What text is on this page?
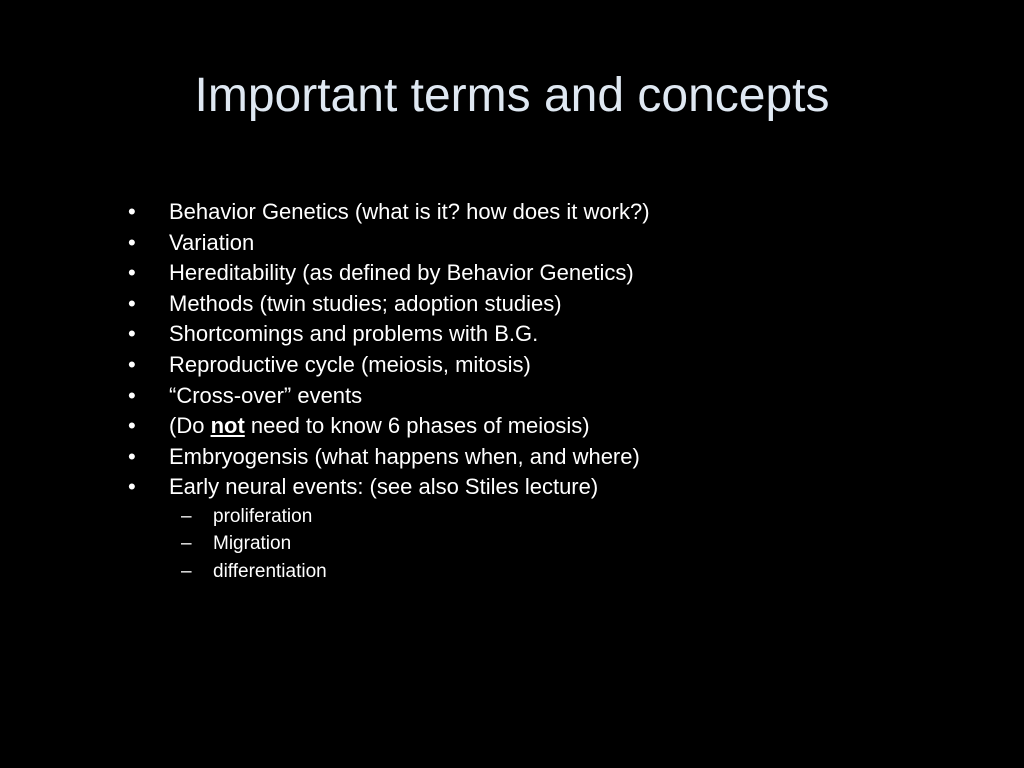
Important terms and concepts
•	Behavior Genetics (what is it? how does it work?)
•	Variation
•	Hereditability (as defined by Behavior Genetics)
•	Methods (twin studies; adoption studies)
•	Shortcomings and problems with B.G.
•	Reproductive cycle (meiosis, mitosis)
•	“Cross-over” events
•	(Do not need to know 6 phases of meiosis)
•	Embryogensis (what happens when, and where)
•	Early neural events: (see also Stiles lecture)
–	proliferation
–	Migration
–	differentiation
